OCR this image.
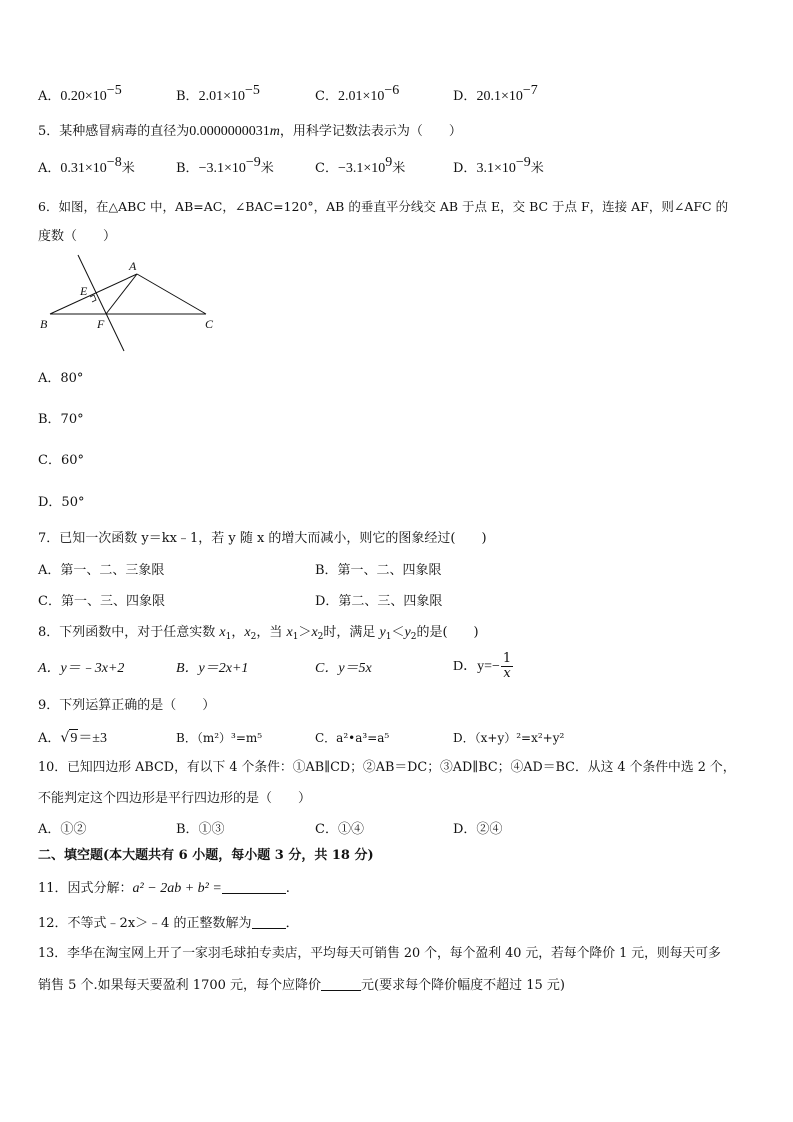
A．$0.20\times 10^{-5}$	B．$2.01\times 10^{-5}$	C．$2.01\times 10^{-6}$	D．$20.1\times 10^{-7}$
5．某种感冒病毒的直径为0.0000000031m，用科学记数法表示为（　　）
A．$0.31\times 10^{-8}$米	B．$-3.1\times 10^{-9}$米	C．$-3.1\times 10^9$米	D．$3.1\times 10^{-9}$米
6．如图，在△ABC 中，AB=AC，∠BAC=120°，AB 的垂直平分线交 AB 于点 E，交 BC 于点 F，连接 AF，则∠AFC 的
度数（　　）
A
B	C
E
F
A．80°
B．70°
C．60°
D．50°
7．已知一次函数 y＝kx﹣1，若 y 随 x 的增大而减小，则它的图象经过(　　)
A．第一、二、三象限	B．第一、二、四象限
C．第一、三、四象限	D．第二、三、四象限
8．下列函数中，对于任意实数 $x_1$，$x_2$，当 $x_1>x_2$时，满足 $y_1<y_2$的是(　　)
A．y＝﹣3x+2	B．y＝2x+1	C．y＝5x	D．$y=- \frac{1}{x}$
9．下列运算正确的是（　　）
A．√9＝±3	B．（m²）³=m⁵	C．a²•a³=a⁵	D．（x+y）²=x²+y²
10．已知四边形 ABCD，有以下 4 个条件：①AB∥CD；②AB＝DC；③AD∥BC；④AD＝BC．从这 4 个条件中选 2 个，
不能判定这个四边形是平行四边形的是（　　）
A．①②	B．①③	C．①④	D．②④
二、填空题(本大题共有 6 小题，每小题 3 分，共 18 分)
11．因式分解：a² − 2ab + b² =	.
12．不等式﹣2x＞﹣4 的正整数解为	．
13．李华在淘宝网上开了一家羽毛球拍专卖店，平均每天可销售 20 个，每个盈利 40 元，若每个降价 1 元，则每天可多
销售 5 个.如果每天要盈利 1700 元，每个应降价	元(要求每个降价幅度不超过 15 元)
